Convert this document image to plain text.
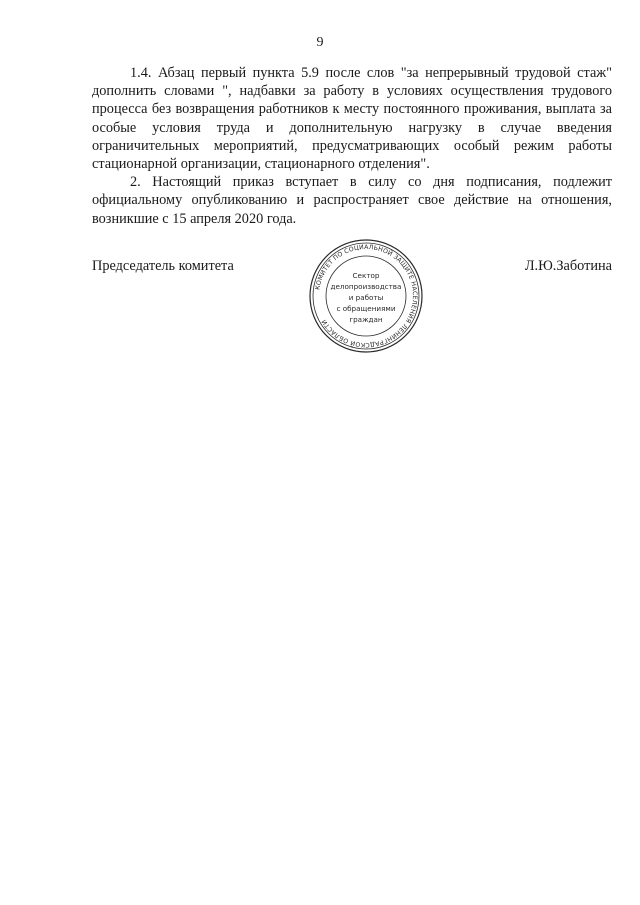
9

1.4. Абзац первый пункта 5.9 после слов "за непрерывный трудовой стаж" дополнить словами ", надбавки за работу в условиях осуществления трудового процесса без возвращения работников к месту постоянного проживания, выплата за особые условия труда и дополнительную нагрузку в случае введения ограничительных мероприятий, предусматривающих особый режим работы стационарной организации, стационарного отделения".

2. Настоящий приказ вступает в силу со дня подписания, подлежит официальному опубликованию и распространяет свое действие на отношения, возникшие с 15 апреля 2020 года.

Председатель комитета	Л.Ю.Заботина
КОМИТЕТ ПО СОЦИАЛЬНОЙ ЗАЩИТЕ НАСЕЛЕНИЯ ЛЕНИНГРАДСКОЙ ОБЛАСТИ
Сектор
делопроизводства
и работы
с обращениями
граждан
